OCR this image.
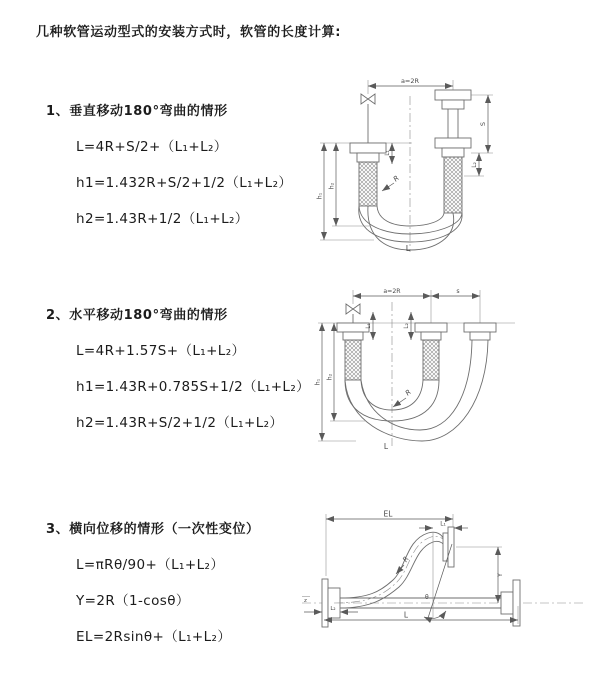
几种软管运动型式的安装方式时，软管的长度计算:
1、垂直移动180°弯曲的情形
L=4R+S/2+（L₁+L₂）
h1=1.432R+S/2+1/2（L₁+L₂）
h2=1.43R+1/2（L₁+L₂）
2、水平移动180°弯曲的情形
L=4R+1.57S+（L₁+L₂）
h1=1.43R+0.785S+1/2（L₁+L₂）
h2=1.43R+S/2+1/2（L₁+L₂）
3、横向位移的情形（一次性变位）
L=πRθ/90+（L₁+L₂）
Y=2R（1-cosθ）
EL=2Rsinθ+（L₁+L₂）
a=2R
h₁
h₂
L₁
S
L₂
R
L
a=2R	s
h₁
h₂
L₁	L₂
R
L
z	θ
EL
L₁
Y
R
L₂
L
